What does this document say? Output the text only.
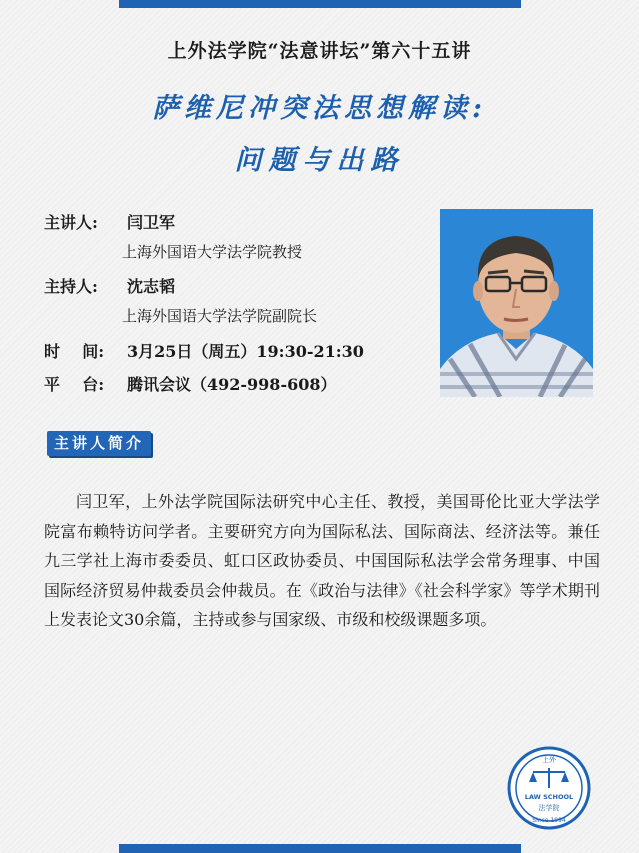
上外法学院“法意讲坛”第六十五讲
萨维尼冲突法思想解读:
问题与出路
主讲人: 闫卫军
上海外国语大学法学院教授
主持人: 沈志韬
上海外国语大学法学院副院长
时    间: 3月25日（周五）19:30-21:30
平    台: 腾讯会议（492-998-608）
主讲人简介
闫卫军，上外法学院国际法研究中心主任、教授，美国哥伦比亚大学法学院富布赖特访问学者。主要研究方向为国际私法、国际商法、经济法等。兼任九三学社上海市委委员、虹口区政协委员、中国国际私法学会常务理事、中国国际经济贸易仲裁委员会仲裁员。在《政治与法律》《社会科学家》等学术期刊上发表论文30余篇，主持或参与国家级、市级和校级课题多项。
上外
LAW SCHOOL
法学院
Since 1994
